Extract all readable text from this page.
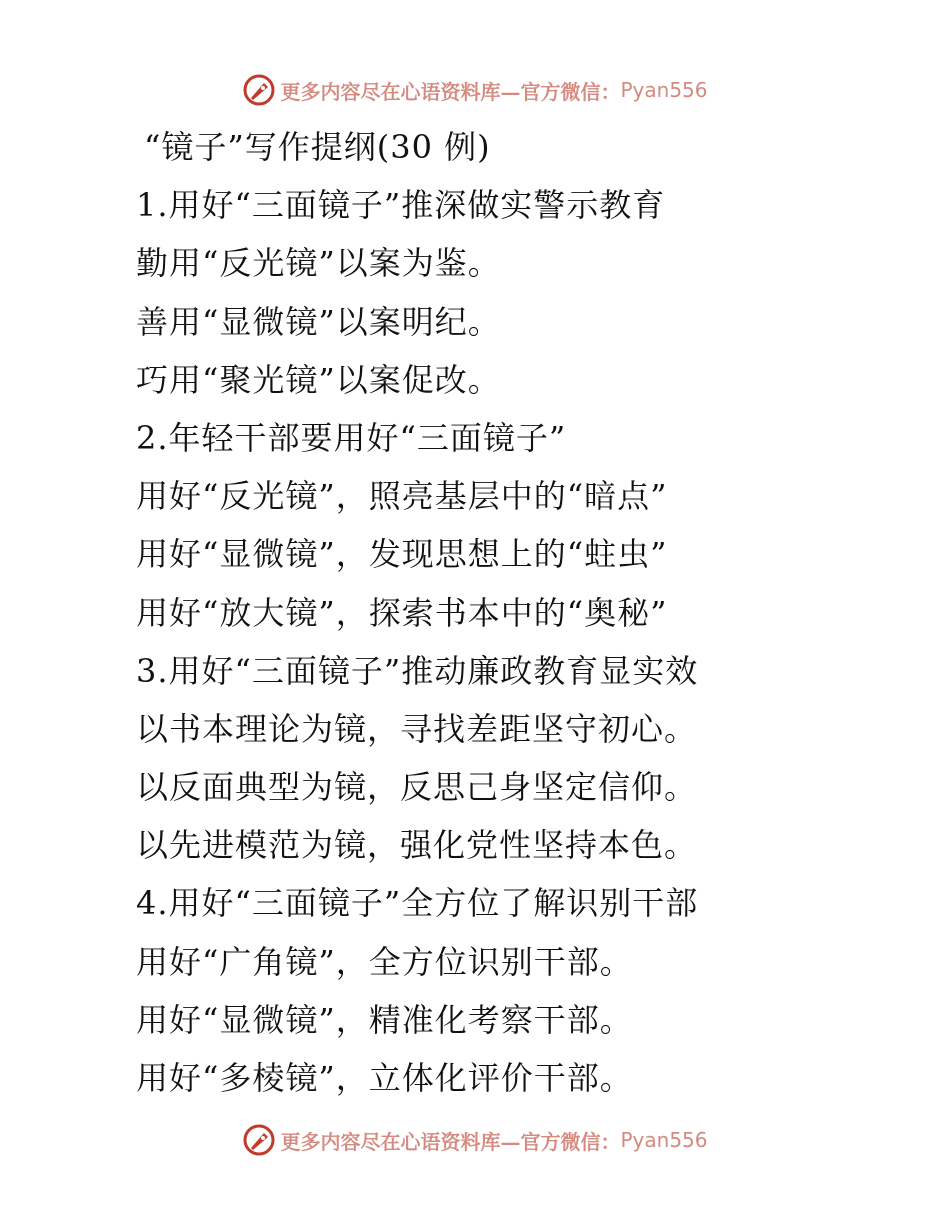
更多内容尽在心语资料库—官方微信： Pyan556
“镜子”写作提纲(30 例)
1.用好“三面镜子”推深做实警示教育
勤用“反光镜”以案为鉴。
善用“显微镜”以案明纪。
巧用“聚光镜”以案促改。
2.年轻干部要用好“三面镜子”
用好“反光镜”，照亮基层中的“暗点”
用好“显微镜”，发现思想上的“蛀虫”
用好“放大镜”，探索书本中的“奥秘”
3.用好“三面镜子”推动廉政教育显实效
以书本理论为镜，寻找差距坚守初心。
以反面典型为镜，反思己身坚定信仰。
以先进模范为镜，强化党性坚持本色。
4.用好“三面镜子”全方位了解识别干部
用好“广角镜”，全方位识别干部。
用好“显微镜”，精准化考察干部。
用好“多棱镜”，立体化评价干部。
更多内容尽在心语资料库—官方微信： Pyan556
